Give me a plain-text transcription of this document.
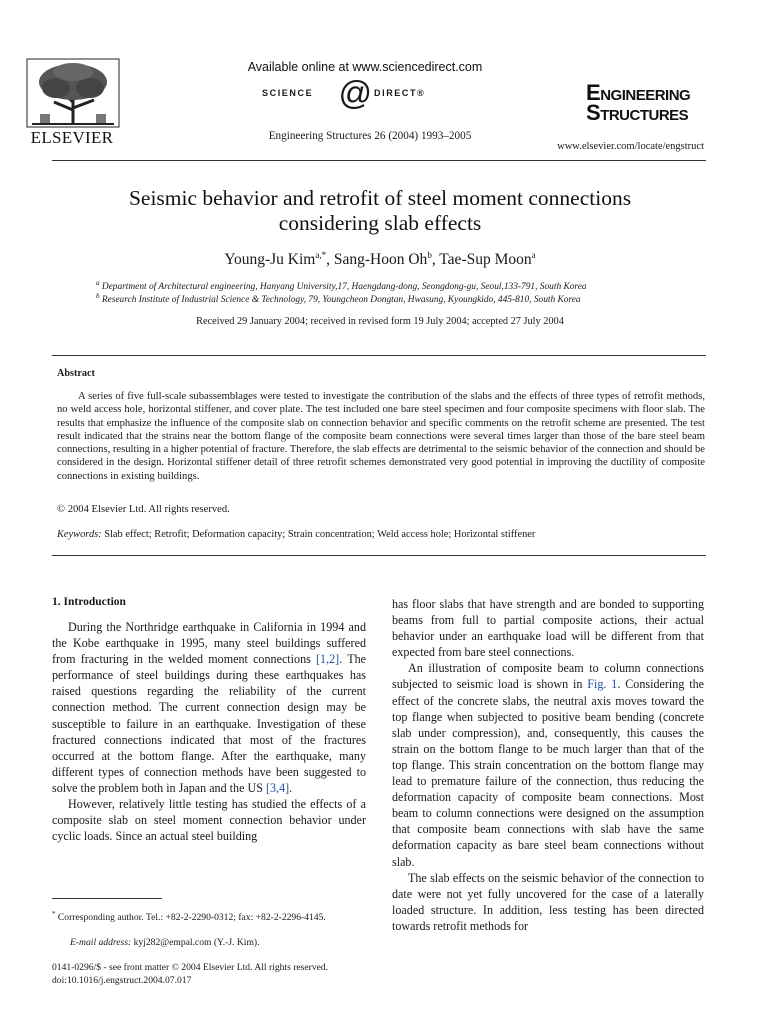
ELSEVIER
Available online at www.sciencedirect.com
SCIENCE @ DIRECT®
Engineering Structures 26 (2004) 1993–2005
ENGINEERING
STRUCTURES
www.elsevier.com/locate/engstruct
Seismic behavior and retrofit of steel moment connections
considering slab effects
Young-Ju Kim$^{a,*}$, Sang-Hoon Oh$^b$, Tae-Sup Moon$^a$
$^a$ Department of Architectural engineering, Hanyang University,17, Haengdang-dong, Seongdong-gu, Seoul,133-791, South Korea
$^b$ Research Institute of Industrial Science & Technology, 79, Youngcheon Dongtan, Hwasung, Kyoungkido, 445-810, South Korea
Received 29 January 2004; received in revised form 19 July 2004; accepted 27 July 2004
Abstract

A series of five full-scale subassemblages were tested to investigate the contribution of the slabs and the effects of three types of retrofit methods, no weld access hole, horizontal stiffener, and cover plate. The test included one bare steel specimen and four composite specimens with floor slab. The results that emphasize the influence of the composite slab on connection behavior and specific comments on the retrofit scheme are presented. The test result indicated that the strains near the bottom flange of the composite beam connections were several times larger than those of the bare steel beam connections, resulting in a higher potential of fracture. Therefore, the slab effects are detrimental to the seismic behavior of the connection and should be considered in the design. Horizontal stiffener detail of three retrofit schemes demonstrated very good potential in improving the ductility of composite connections in existing buildings.

© 2004 Elsevier Ltd. All rights reserved.
Keywords: Slab effect; Retrofit; Deformation capacity; Strain concentration; Weld access hole; Horizontal stiffener
1. Introduction

During the Northridge earthquake in California in 1994 and the Kobe earthquake in 1995, many steel buildings suffered from fracturing in the welded moment connections [1,2]. The performance of steel buildings during these earthquakes has raised questions regarding the reliability of the current connection method. The current connection design may be susceptible to failure in an earthquake. Investigation of these fractured connections indicated that most of the fractures occurred at the bottom flange. After the earthquake, many different types of connection methods have been suggested to solve the problem both in Japan and the US [3,4].

However, relatively little testing has studied the effects of a composite slab on steel moment connection behavior under cyclic loads. Since an actual steel building

has floor slabs that have strength and are bonded to supporting beams from full to partial composite actions, their actual behavior under an earthquake load will be different from that expected from bare steel connections.

An illustration of composite beam to column connections subjected to seismic load is shown in Fig. 1. Considering the effect of the concrete slabs, the neutral axis moves toward the top flange when subjected to positive beam bending (concrete slab under compression), and, consequently, this causes the strain on the bottom flange to be much larger than that of the top flange. This strain concentration on the bottom flange may lead to premature failure of the connection, thus reducing the deformation capacity of composite beam connections. Most beam to column connections were designed on the assumption that composite beam connections with slab have the same deformation capacity as bare steel beam connections without slab.

The slab effects on the seismic behavior of the connection to date were not yet fully uncovered for the case of a laterally loaded structure. In addition, less testing has been directed towards retrofit methods for

* Corresponding author. Tel.: +82-2-2290-0312; fax: +82-2-2296-4145.
E-mail address: kyj282@empal.com (Y.-J. Kim).
0141-0296/$ - see front matter © 2004 Elsevier Ltd. All rights reserved.
doi:10.1016/j.engstruct.2004.07.017
